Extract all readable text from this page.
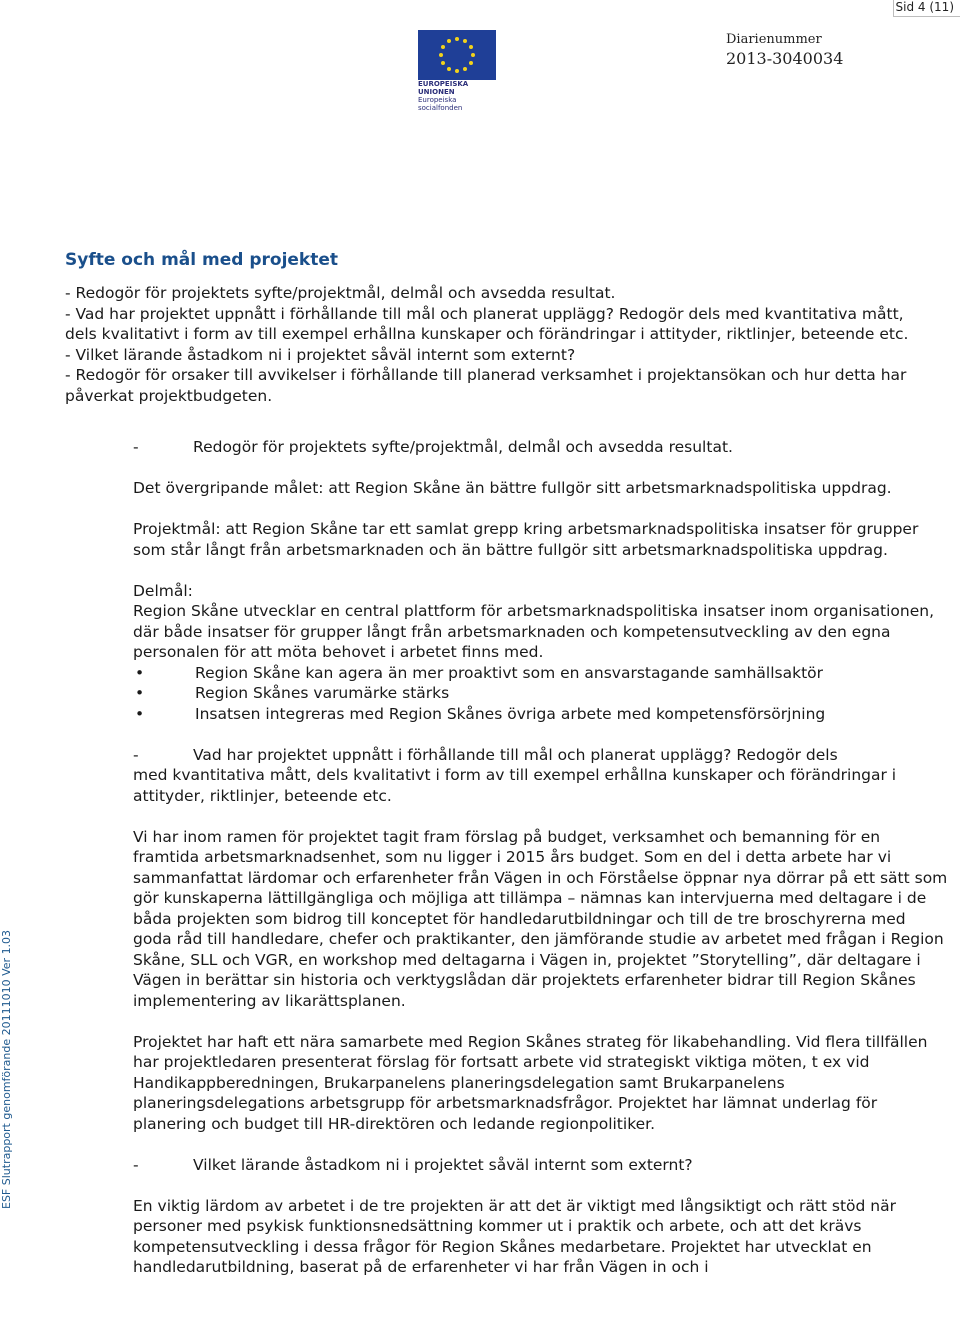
Sid 4 (11)
EUROPEISKA UNIONEN
Europeiska socialfonden
Diarienummer
2013-3040034
ESF Slutrapport genomförande 20111010 Ver 1.03
Syfte och mål med projektet

- Redogör för projektets syfte/projektmål, delmål och avsedda resultat.

- Vad har projektet uppnått i förhållande till mål och planerat upplägg? Redogör dels med kvantitativa mått, dels kvalitativt i form av till exempel erhållna kunskaper och förändringar i attityder, riktlinjer, beteende etc.

- Vilket lärande åstadkom ni i projektet såväl internt som externt?

- Redogör för orsaker till avvikelser i förhållande till planerad verksamhet i projektansökan och hur detta har påverkat projektbudgeten.

-	Redogör för projektets syfte/projektmål, delmål och avsedda resultat.

Det övergripande målet: att Region Skåne än bättre fullgör sitt arbetsmarknadspolitiska uppdrag.

Projektmål: att Region Skåne tar ett samlat grepp kring arbetsmarknadspolitiska insatser för grupper som står långt från arbetsmarknaden och än bättre fullgör sitt arbetsmarknadspolitiska uppdrag.

Delmål:

Region Skåne utvecklar en central plattform för arbetsmarknadspolitiska insatser inom organisationen, där både insatser för grupper långt från arbetsmarknaden och kompetensutveckling av den egna personalen för att möta behovet i arbetet finns med.

•	Region Skåne kan agera än mer proaktivt som en ansvarstagande samhällsaktör
•	Region Skånes varumärke stärks
•	Insatsen integreras med Region Skånes övriga arbete med kompetensförsörjning
-	Vad har projektet uppnått i förhållande till mål och planerat upplägg? Redogör dels

med kvantitativa mått, dels kvalitativt i form av till exempel erhållna kunskaper och förändringar i attityder, riktlinjer, beteende etc.

Vi har inom ramen för projektet tagit fram förslag på budget, verksamhet och bemanning för en framtida arbetsmarknadsenhet, som nu ligger i 2015 års budget. Som en del i detta arbete har vi sammanfattat lärdomar och erfarenheter från Vägen in och Förståelse öppnar nya dörrar på ett sätt som gör kunskaperna lättillgängliga och möjliga att tillämpa – nämnas kan intervjuerna med deltagare i de båda projekten som bidrog till konceptet för handledarutbildningar och till de tre broschyrerna med goda råd till handledare, chefer och praktikanter, den jämförande studie av arbetet med frågan i Region Skåne, SLL och VGR, en workshop med deltagarna i Vägen in, projektet ”Storytelling”, där deltagare i Vägen in berättar sin historia och verktygslådan där projektets erfarenheter bidrar till Region Skånes implementering av likarättsplanen.

Projektet har haft ett nära samarbete med Region Skånes strateg för likabehandling. Vid flera tillfällen har projektledaren presenterat förslag för fortsatt arbete vid strategiskt viktiga möten, t ex vid Handikappberedningen, Brukarpanelens planeringsdelegation samt Brukarpanelens planeringsdelegations arbetsgrupp för arbetsmarknadsfrågor. Projektet har lämnat underlag för planering och budget till HR-direktören och ledande regionpolitiker.

-	Vilket lärande åstadkom ni i projektet såväl internt som externt?

En viktig lärdom av arbetet i de tre projekten är att det är viktigt med långsiktigt och rätt stöd när personer med psykisk funktionsnedsättning kommer ut i praktik och arbete, och att det krävs kompetensutveckling i dessa frågor för Region Skånes medarbetare. Projektet har utvecklat en handledarutbildning, baserat på de erfarenheter vi har från Vägen in och i
